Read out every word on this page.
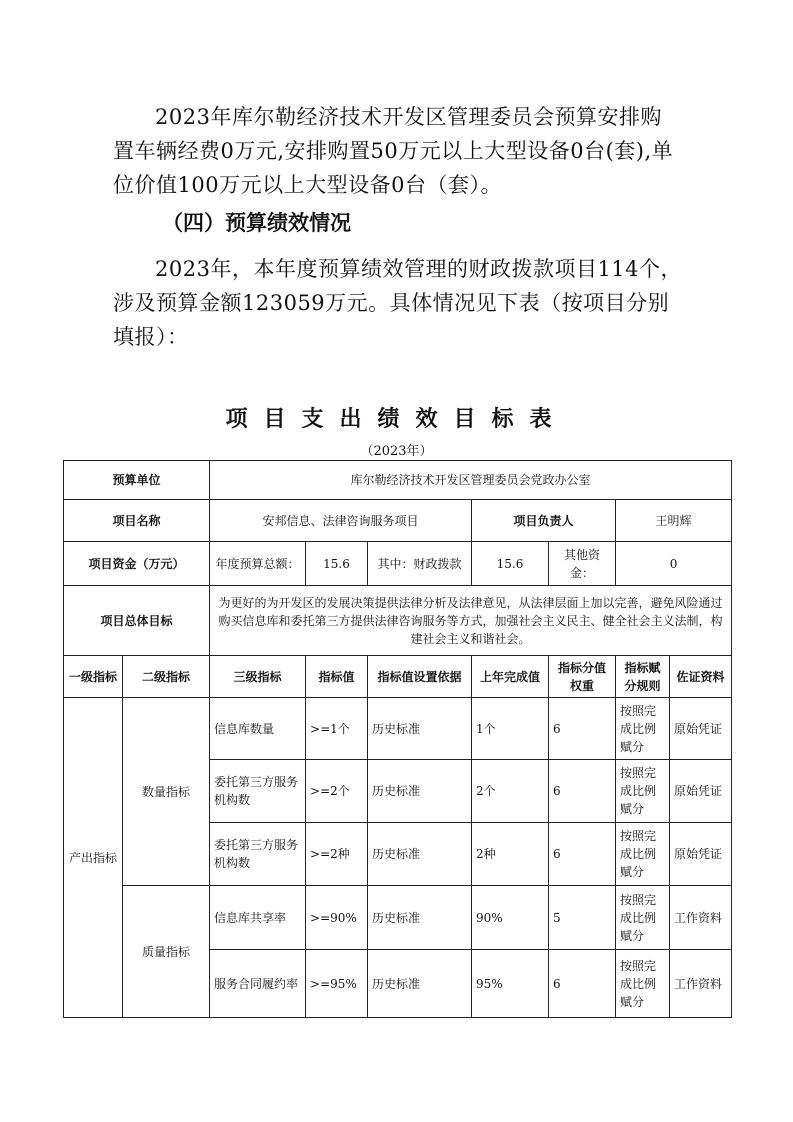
2023年库尔勒经济技术开发区管理委员会预算安排购置车辆经费0万元,安排购置50万元以上大型设备0台(套),单位价值100万元以上大型设备0台（套）。

（四）预算绩效情况

2023年，本年度预算绩效管理的财政拨款项目114个，涉及预算金额123059万元。具体情况见下表（按项目分别填报）：

项目支出绩效目标表

（2023年）

预算单位		库尔勒经济技术开发区管理委员会党政办公室						
项目名称		安邦信息、法律咨询服务项目			项目负责人		王明辉	
项目资金（万元）		年度预算总额：	15.6	其中：财政拨款	15.6	其他资金：	0	
项目总体目标		为更好的为开发区的发展决策提供法律分析及法律意见，从法律层面上加以完善，避免风险通过购买信息库和委托第三方提供法律咨询服务等方式，加强社会主义民主、健全社会主义法制，构建社会主义和谐社会。						
一级指标	二级指标	三级指标	指标值	指标值设置依据	上年完成值	指标分值权重	指标赋分规则	佐证资料
产出指标	数量指标	信息库数量	>=1个	历史标准	1个	6	按照完成比例赋分	原始凭证
		委托第三方服务机构数	>=2个	历史标准	2个	6	按照完成比例赋分	原始凭证
		委托第三方服务机构数	>=2种	历史标准	2种	6	按照完成比例赋分	原始凭证
	质量指标	信息库共享率	>=90%	历史标准	90%	5	按照完成比例赋分	工作资料
		服务合同履约率	>=95%	历史标准	95%	6	按照完成比例赋分	工作资料
